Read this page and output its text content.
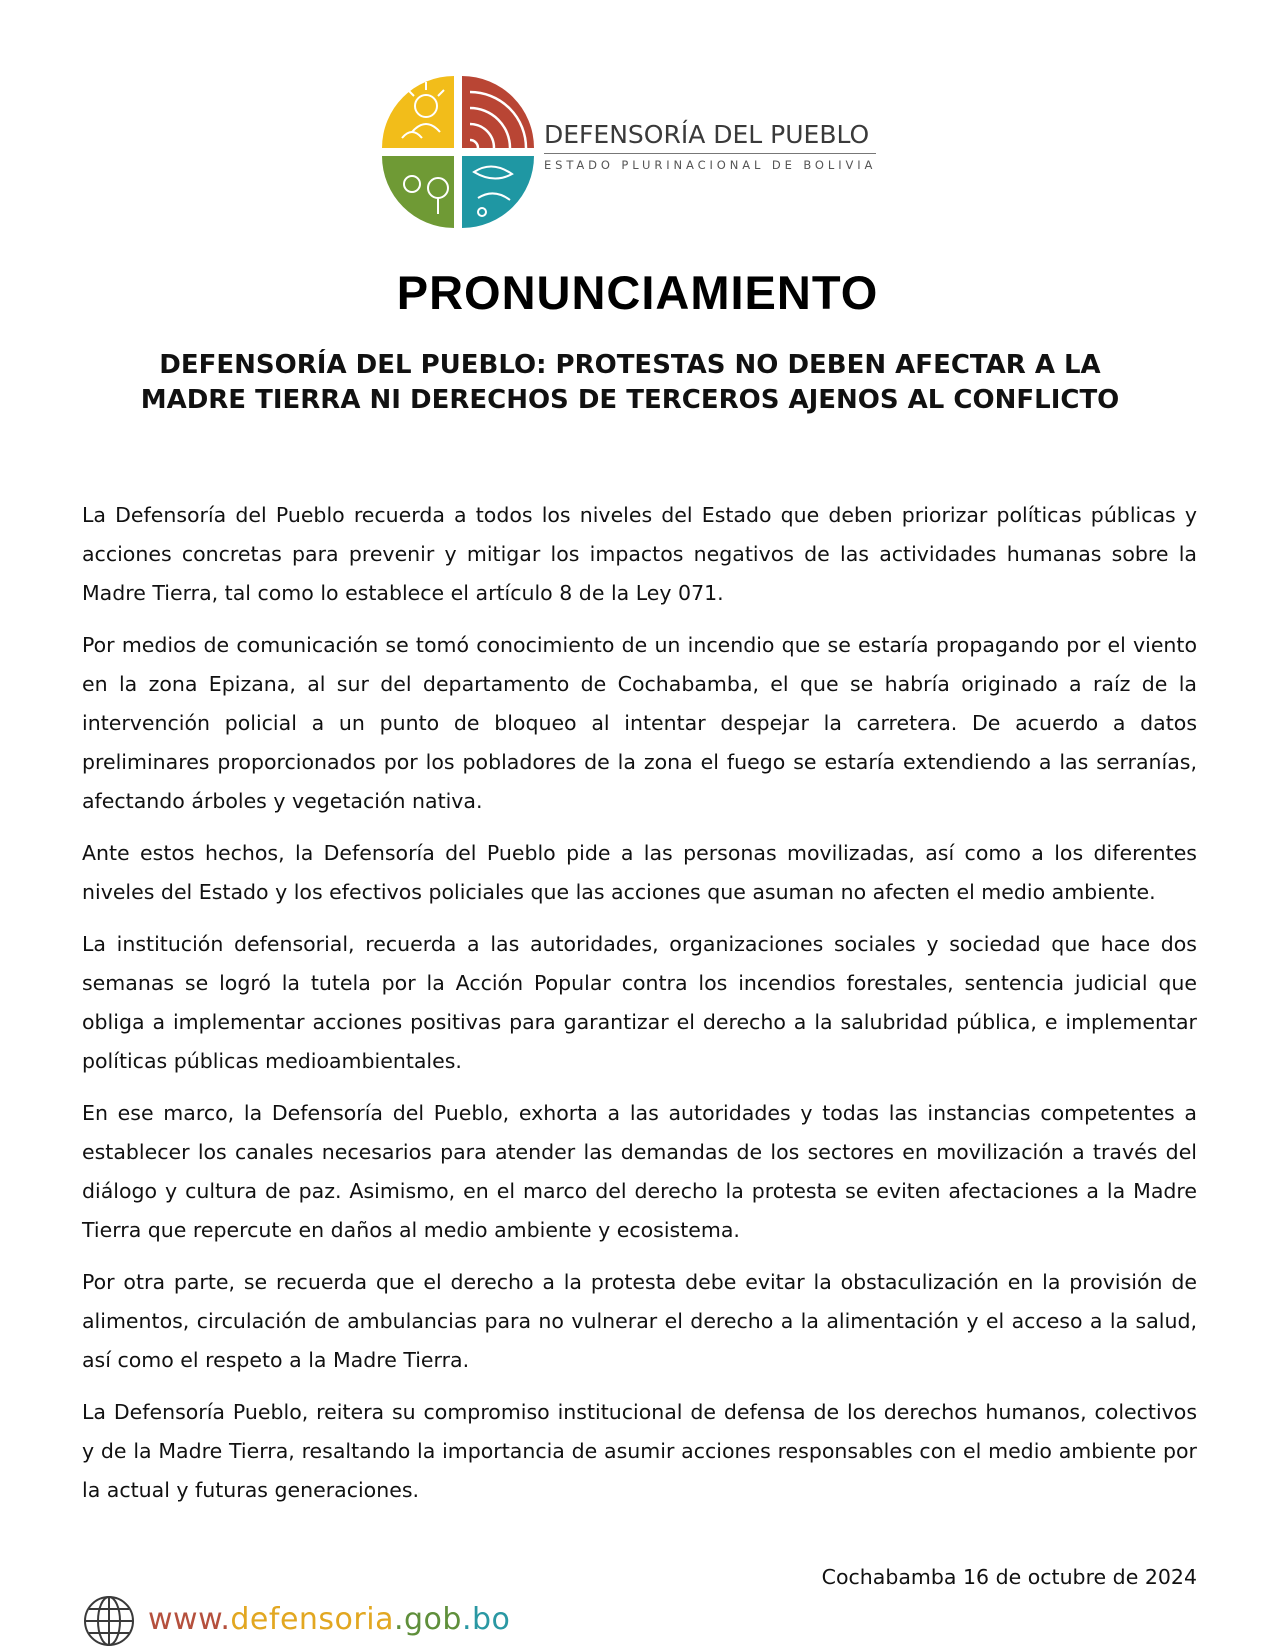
DEFENSORÍA DEL PUEBLO
ESTADO PLURINACIONAL DE BOLIVIA
PRONUNCIAMIENTO
DEFENSORÍA DEL PUEBLO: PROTESTAS NO DEBEN AFECTAR A LA MADRE TIERRA NI DERECHOS DE TERCEROS AJENOS AL CONFLICTO

La Defensoría del Pueblo recuerda a todos los niveles del Estado que deben priorizar políticas públicas y acciones concretas para prevenir y mitigar los impactos negativos de las actividades humanas sobre la Madre Tierra, tal como lo establece el artículo 8 de la Ley 071.

Por medios de comunicación se tomó conocimiento de un incendio que se estaría propagando por el viento en la zona Epizana, al sur del departamento de Cochabamba, el que se habría originado a raíz de la intervención policial a un punto de bloqueo al intentar despejar la carretera. De acuerdo a datos preliminares proporcionados por los pobladores de la zona el fuego se estaría extendiendo a las serranías, afectando árboles y vegetación nativa.

Ante estos hechos, la Defensoría del Pueblo pide a las personas movilizadas, así como a los diferentes niveles del Estado y los efectivos policiales que las acciones que asuman no afecten el medio ambiente.

La institución defensorial, recuerda a las autoridades, organizaciones sociales y sociedad que hace dos semanas se logró la tutela por la Acción Popular contra los incendios forestales, sentencia judicial que obliga a implementar acciones positivas para garantizar el derecho a la salubridad pública, e implementar políticas públicas medioambientales.

En ese marco, la Defensoría del Pueblo, exhorta a las autoridades y todas las instancias competentes a establecer los canales necesarios para atender las demandas de los sectores en movilización a través del diálogo y cultura de paz. Asimismo, en el marco del derecho la protesta se eviten afectaciones a la Madre Tierra que repercute en daños al medio ambiente y ecosistema.

Por otra parte, se recuerda que el derecho a la protesta debe evitar la obstaculización en la provisión de alimentos, circulación de ambulancias para no vulnerar el derecho a la alimentación y el acceso a la salud, así como el respeto a la Madre Tierra.

La Defensoría Pueblo, reitera su compromiso institucional de defensa de los derechos humanos, colectivos y de la Madre Tierra, resaltando la importancia de asumir acciones responsables con el medio ambiente por la actual y futuras generaciones.

Cochabamba 16 de octubre de 2024
www.defensoria.gob.bo
